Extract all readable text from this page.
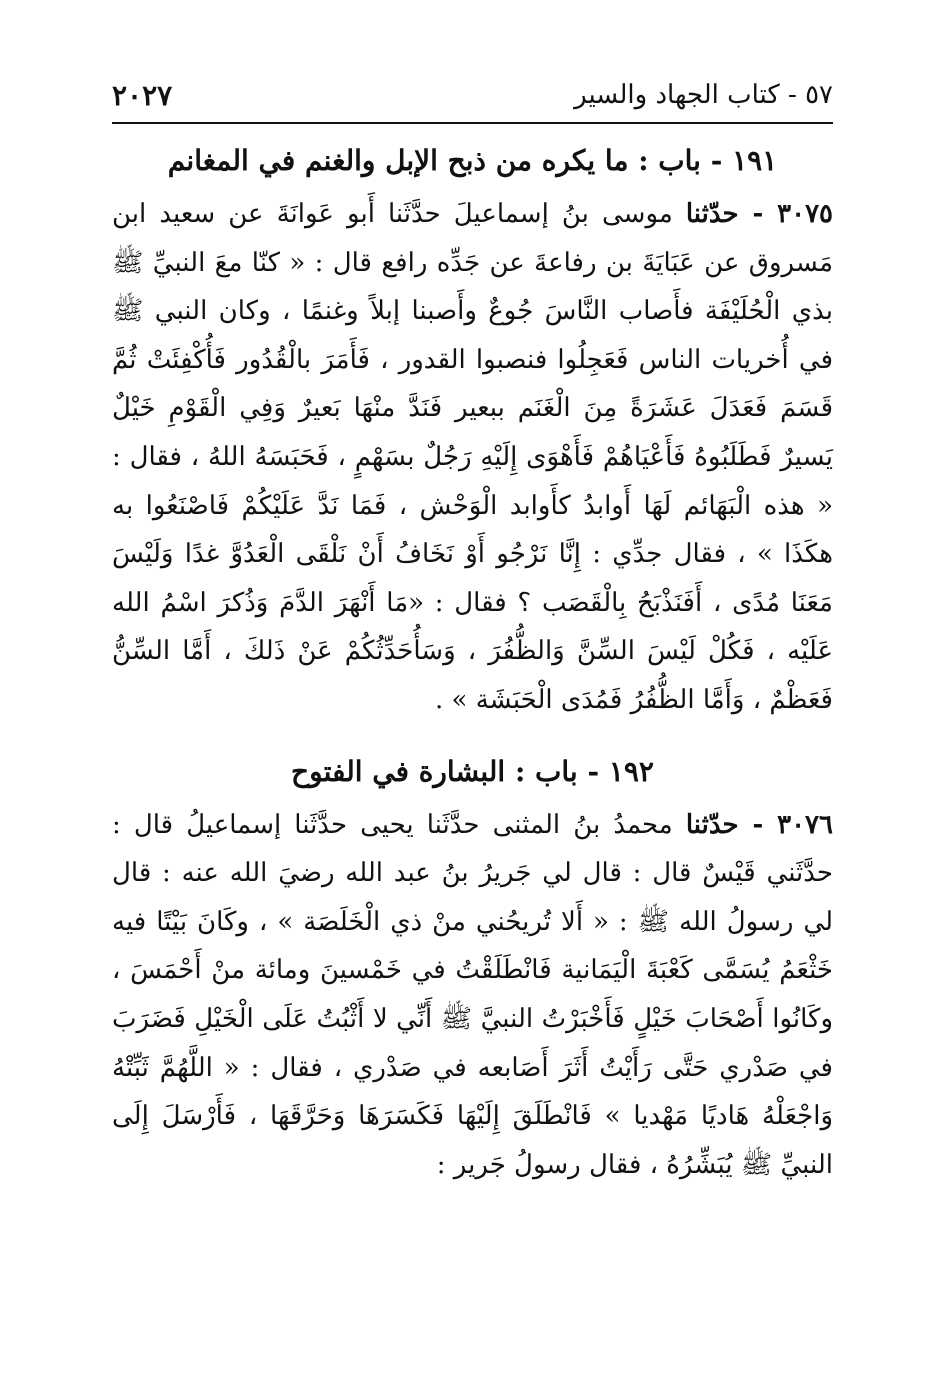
٢٠٢٧	٥٧ - كتاب الجهاد والسير
١٩١ - باب : ما يكره من ذبح الإبل والغنم في المغانم

٣٠٧٥ - حدّثنا موسى بنُ إسماعيلَ حدَّثَنا أَبو عَوانَةَ عن سعيد ابن مَسروق عن عَبَايَةَ بن رفاعةَ عن جَدِّه رافع قال : « كنّا معَ النبيِّ ﷺ بذي الْحُلَيْفَة فأَصاب النَّاسَ جُوعٌ وأَصبنا إبلاً وغنمًا ، وكان النبي ﷺ في أُخريات الناس فَعَجِلُوا فنصبوا القدور ، فَأَمَرَ بالْقُدُور فَأُكْفِئَتْ ثُمَّ قَسَمَ فَعَدَلَ عَشَرَةً مِنَ الْغَنَم ببعير فَنَدَّ منْهَا بَعيرٌ وَفِي الْقَوْمِ خَيْلٌ يَسيرٌ فَطَلَبُوهُ فَأَعْيَاهُمْ فَأَهْوَى إِلَيْهِ رَجُلٌ بسَهْمٍ ، فَحَبَسَهُ اللهُ ، فقال : « هذه الْبَهَائم لَهَا أَوابدُ كأَوابد الْوَحْش ، فَمَا نَدَّ عَلَيْكُمْ فَاصْنَعُوا به هكَذَا » ، فقال جدِّي : إِنَّا نَرْجُو أَوْ نَخَافُ أَنْ نَلْقَى الْعَدُوَّ غدًا وَلَيْسَ مَعَنَا مُدًى ، أَفَنَذْبَحُ بِالْقَصَب ؟ فقال : «مَا أَنْهَرَ الدَّمَ وَذُكرَ اسْمُ الله عَلَيْه ، فَكُلْ لَيْسَ السِّنَّ وَالظُّفُرَ ، وَسَأُحَدِّثُكُمْ عَنْ ذَلكَ ، أَمَّا السِّنُّ فَعَظْمٌ ، وَأَمَّا الظُّفُرُ فَمُدَى الْحَبَشَة » .

١٩٢ - باب : البشارة في الفتوح

٣٠٧٦ - حدّثنا محمدُ بنُ المثنى حدَّثَنا يحيى حدَّثَنا إسماعيلُ قال : حدَّثَني قَيْسٌ قال : قال لي جَريرُ بنُ عبد الله رضيَ الله عنه : قال لي رسولُ الله ﷺ : « أَلا تُريحُني منْ ذي الْخَلَصَة » ، وكَانَ بَيْتًا فيه خَثْعَمُ يُسَمَّى كَعْبَةَ الْيَمَانية فَانْطَلَقْتُ في خَمْسينَ ومائة منْ أَحْمَسَ ، وكَانُوا أَصْحَابَ خَيْلٍ فَأَخْبَرْتُ النبيَّ ﷺ أَنِّي لا أَثْبُتُ عَلَى الْخَيْلِ فَضَرَبَ في صَدْري حَتَّى رَأَيْتُ أَثَرَ أَصَابعه في صَدْري ، فقال : « اللَّهُمَّ ثَبِّتْهُ وَاجْعَلْهُ هَاديًا مَهْديا » فَانْطَلَقَ إِلَيْهَا فَكَسَرَهَا وَحَرَّقَهَا ، فَأَرْسَلَ إِلَى النبيِّ ﷺ يُبَشِّرُهُ ، فقال رسولُ جَرير :
